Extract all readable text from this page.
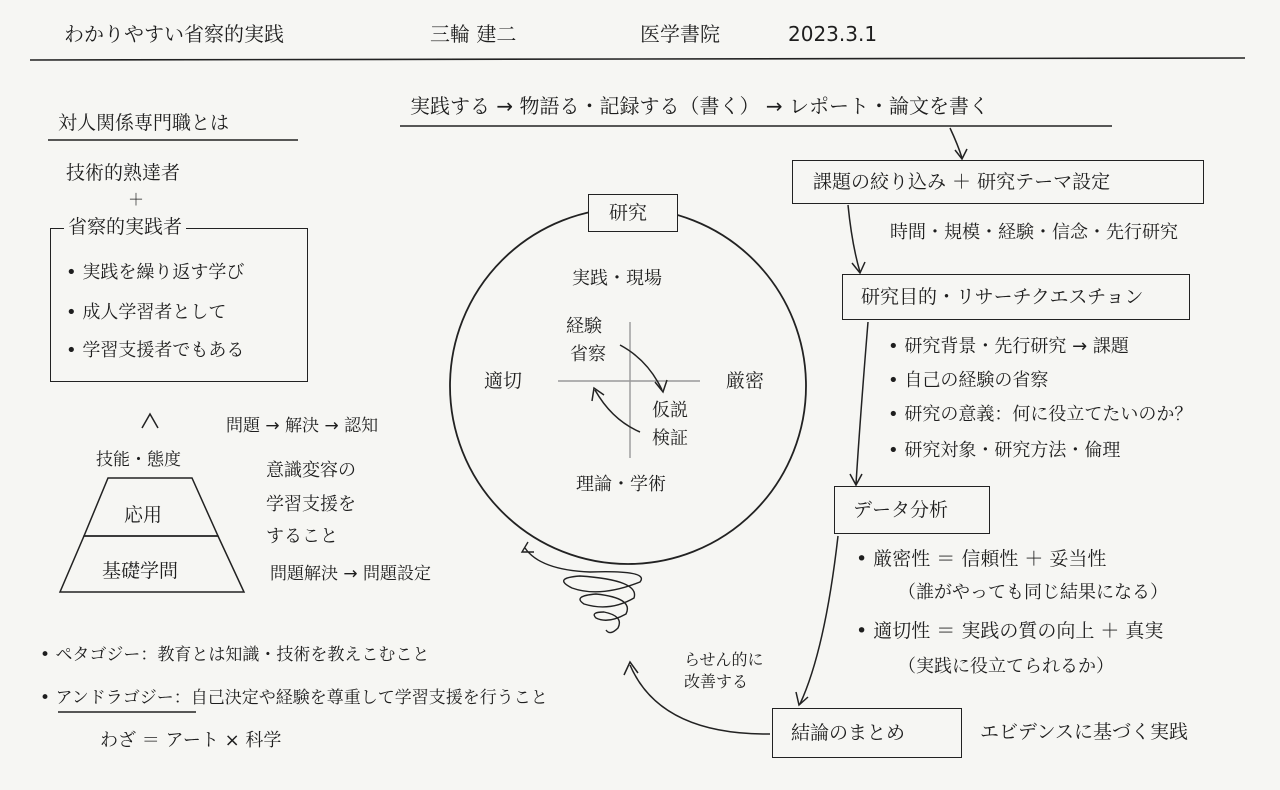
わかりやすい省察的実践	三輪 建二	医学書院	2023.3.1
実践する → 物語る・記録する（書く） → レポート・論文を書く
課題の絞り込み ＋ 研究テーマ設定
時間・規模・経験・信念・先行研究
研究目的・リサーチクエスチョン
• 研究背景・先行研究 → 課題
• 自己の経験の省察
• 研究の意義：何に役立てたいのか？
• 研究対象・研究方法・倫理
データ分析
• 厳密性 ＝ 信頼性 ＋ 妥当性
（誰がやっても同じ結果になる）
• 適切性 ＝ 実践の質の向上 ＋ 真実
（実践に役立てられるか）
結論のまとめ	エビデンスに基づく実践
対人関係専門職とは
技術的熟達者
＋
省察的実践者
• 実践を繰り返す学び
• 成人学習者として
• 学習支援者でもある
技能・態度
応用
基礎学問
問題 → 解決 → 認知
意識変容の
学習支援を
すること
問題解決 → 問題設定
• ペタゴジー：教育とは知識・技術を教えこむこと
• アンドラゴジー：自己決定や経験を尊重して学習支援を行うこと
わざ ＝ アート × 科学
研究
実践・現場
理論・学術
適切	厳密
経験
省察
仮説
検証
らせん的に
改善する
